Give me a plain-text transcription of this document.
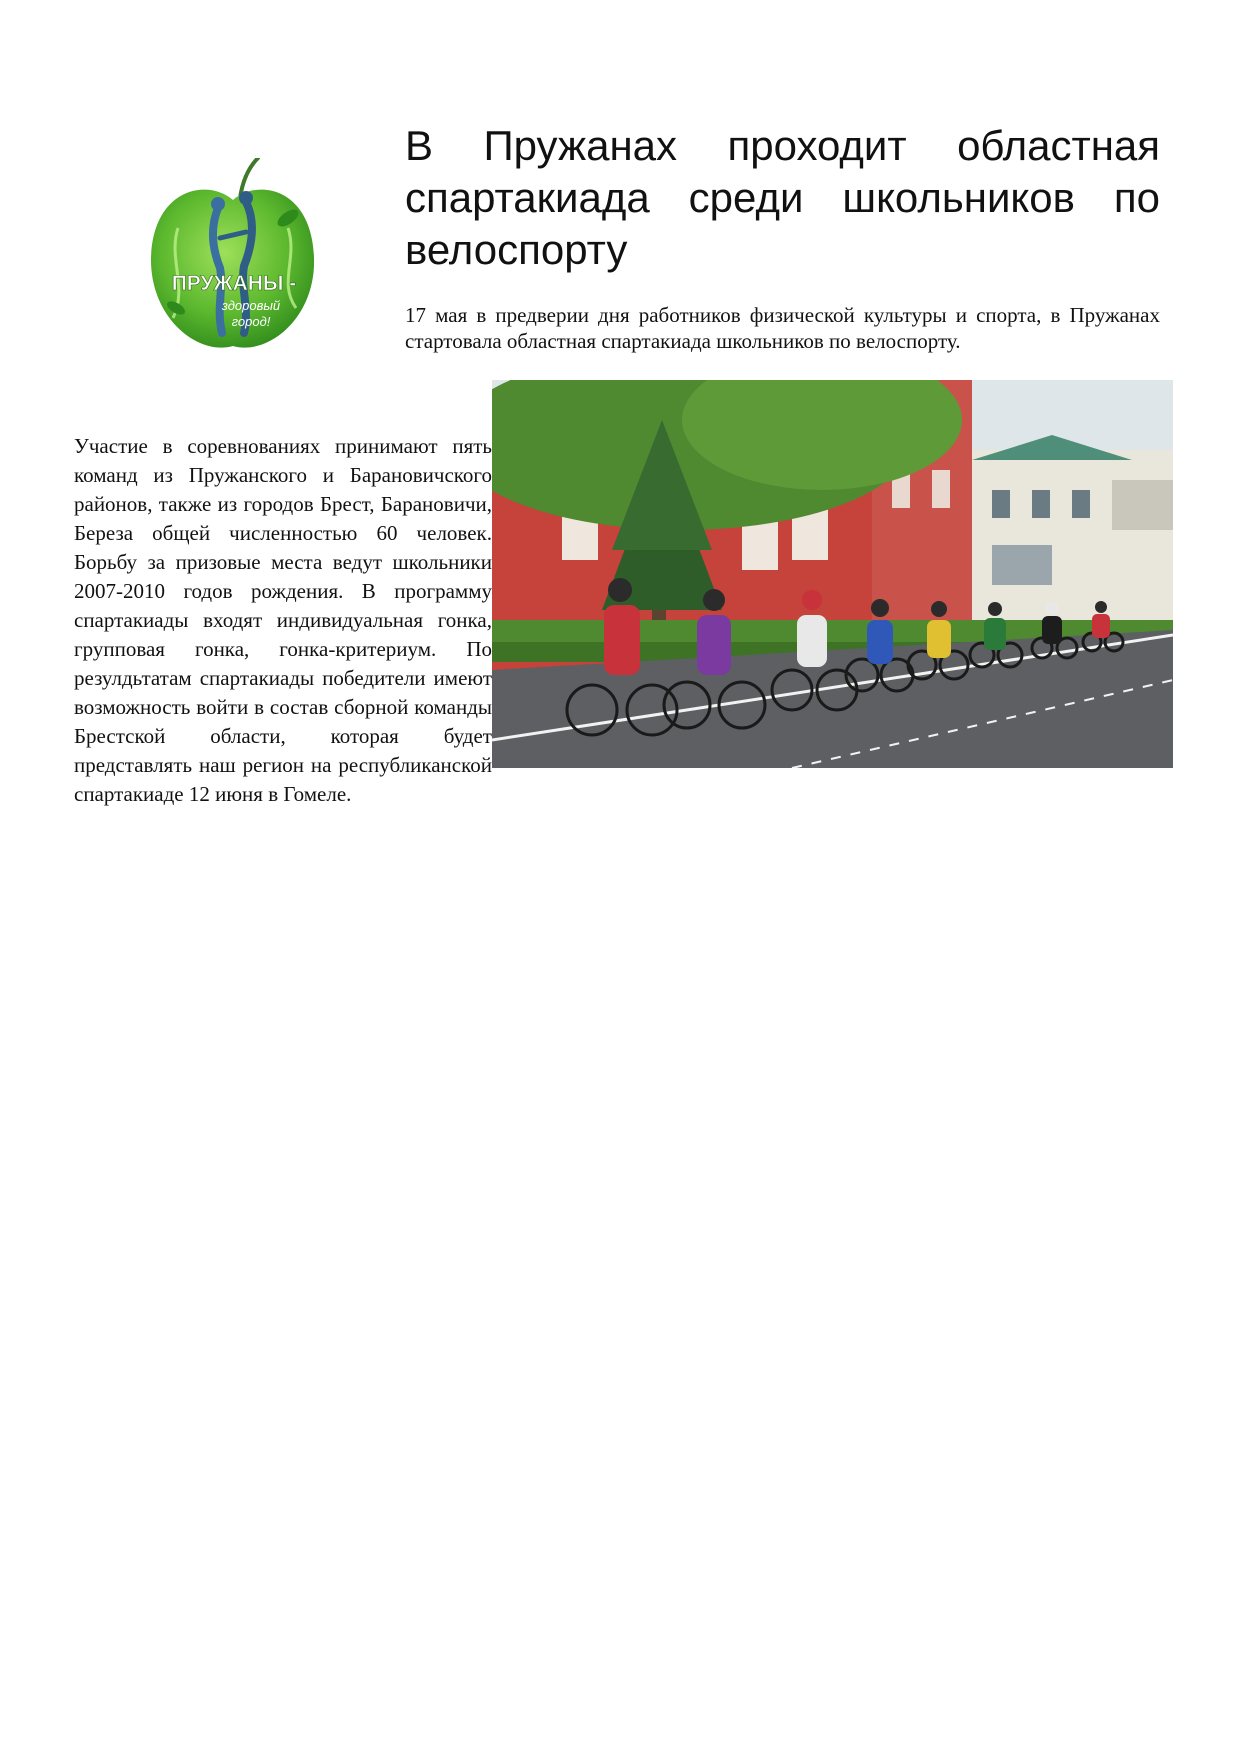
ПРУЖАНЫ -
здоровый
город!
В Пружанах проходит областная спартакиада среди школьников по велоспорту

17 мая в предверии дня работников физической культуры и спорта, в Пружанах стартовала областная спартакиада школьников по велоспорту.

Участие в соревнованиях принимают пять команд из Пружанского и Барановичского районов, также из городов Брест, Барановичи, Береза общей численностью 60 человек. Борьбу за призовые места ведут школьники 2007-2010 годов рождения. В программу спартакиады входят индивидуальная гонка, групповая гонка, гонка-критериум. По резулдьтатам спартакиады победители имеют возможность войти в состав сборной команды Брестской области, которая будет представлять наш регион на республиканской спартакиаде 12 июня в Гомеле.
